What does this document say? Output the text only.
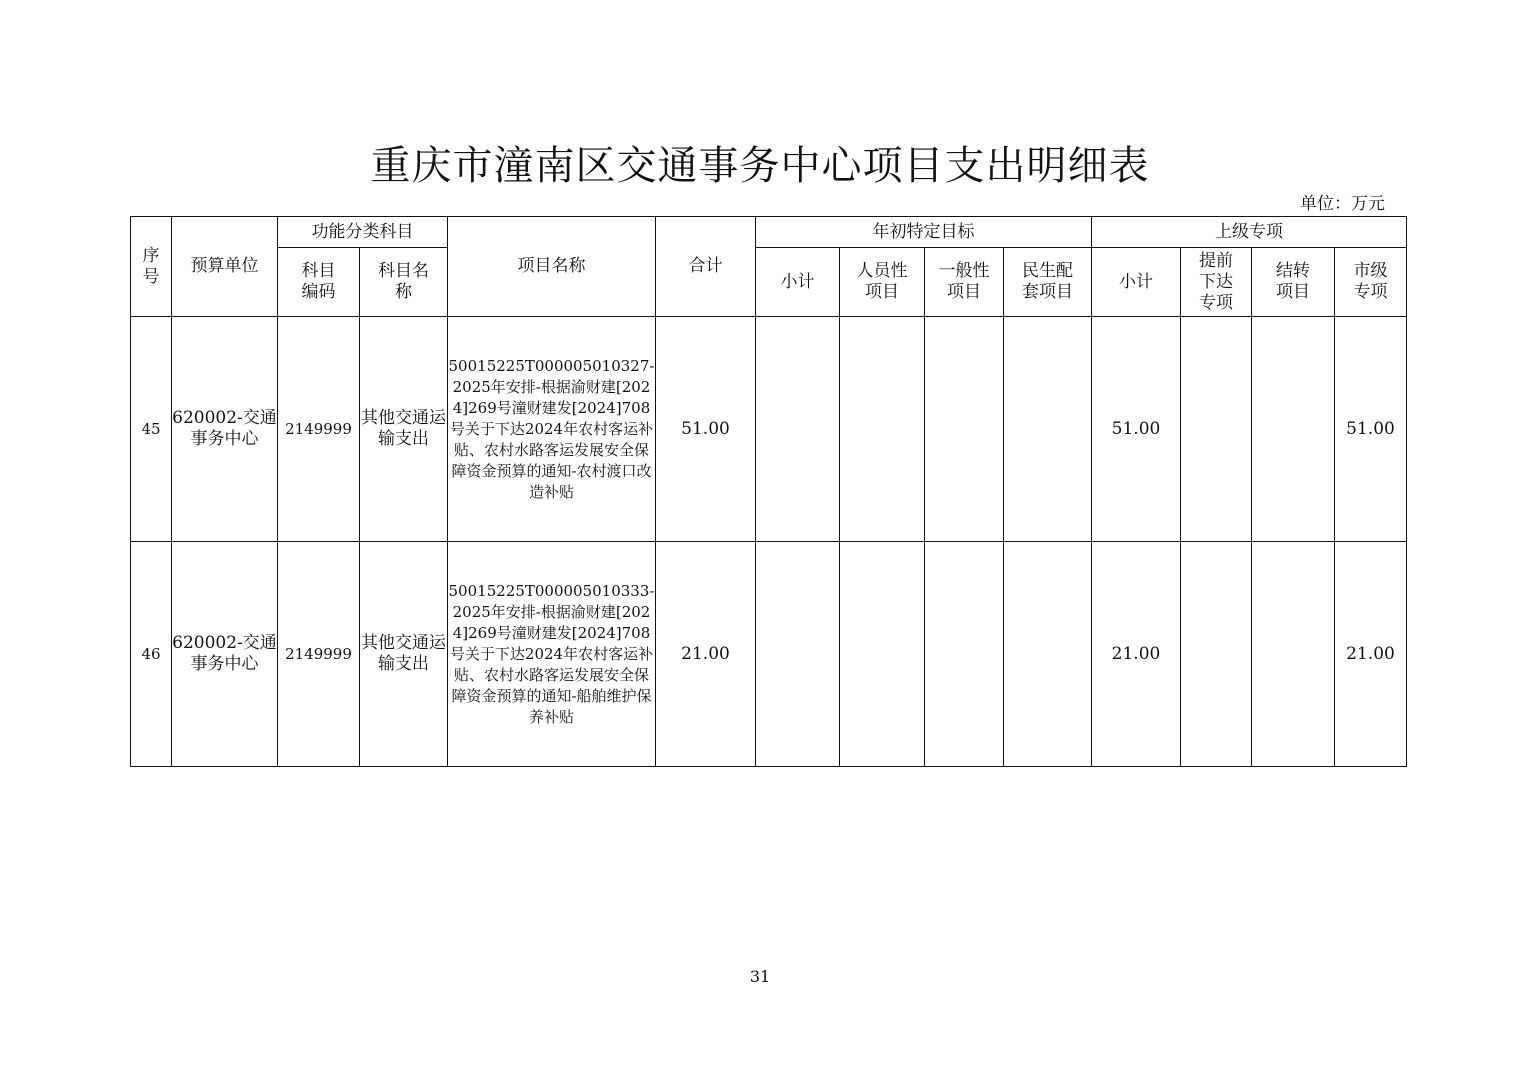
重庆市潼南区交通事务中心项目支出明细表
单位：万元
序号	预算单位	功能分类科目		项目名称	合计	年初特定目标				上级专项			
		科目编码	科目名称			小计	人员性项目	一般性项目	民生配套项目	小计	提前下达专项	结转项目	市级专项
45	620002-交通事务中心	2149999	其他交通运输支出	50015225T000005010327-2025年安排-根据渝财建[2024]269号潼财建发[2024]708号关于下达2024年农村客运补贴、农村水路客运发展安全保障资金预算的通知-农村渡口改造补贴	51.00					51.00			51.00
46	620002-交通事务中心	2149999	其他交通运输支出	50015225T000005010333-2025年安排-根据渝财建[2024]269号潼财建发[2024]708号关于下达2024年农村客运补贴、农村水路客运发展安全保障资金预算的通知-船舶维护保养补贴	21.00					21.00			21.00
31
